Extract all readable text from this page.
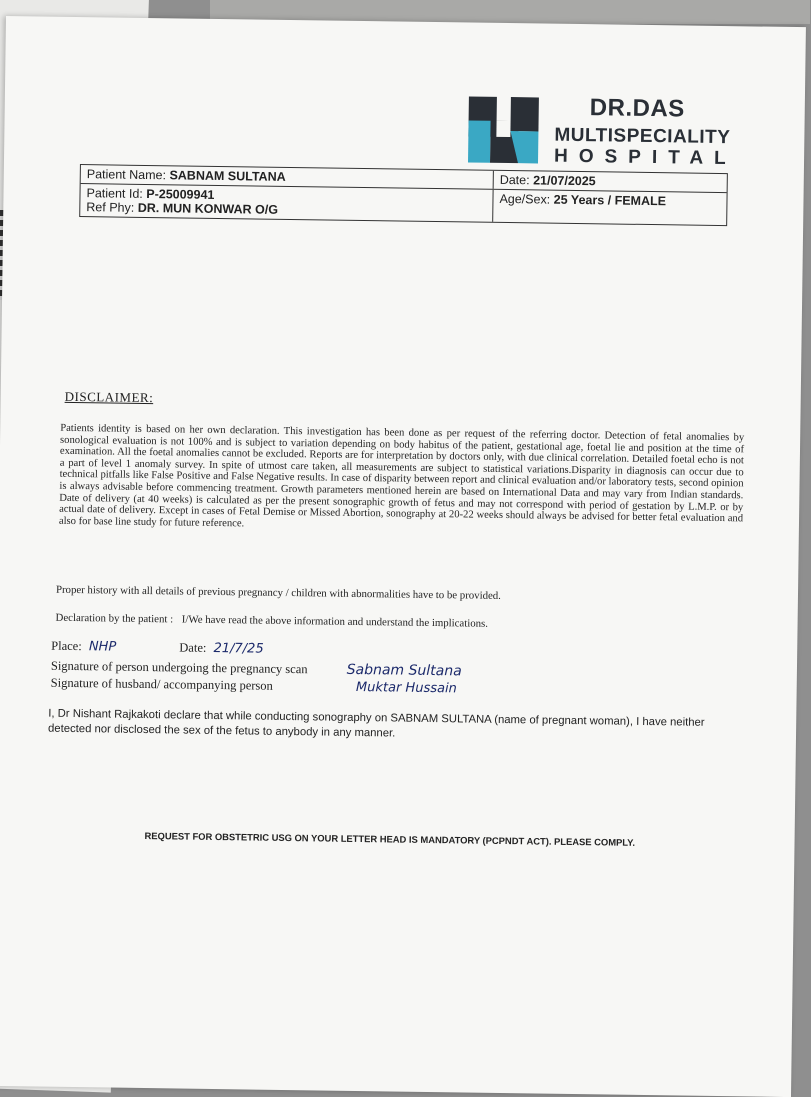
DR.DAS
MULTISPECIALITY
HOSPITAL
Patient Name: SABNAM SULTANA	Date: 21/07/2025
Patient Id: P-25009941
Ref Phy: DR. MUN KONWAR O/G
Age/Sex: 25 Years / FEMALE
DISCLAIMER:
Patients identity is based on her own declaration. This investigation has been done as per request of the referring doctor. Detection of fetal anomalies by sonological evaluation is not 100% and is subject to variation depending on body habitus of the patient, gestational age, foetal lie and position at the time of examination. All the foetal anomalies cannot be excluded. Reports are for interpretation by doctors only, with due clinical correlation. Detailed foetal echo is not a part of level 1 anomaly survey. In spite of utmost care taken, all measurements are subject to statistical variations.Disparity in diagnosis can occur due to technical pitfalls like False Positive and False Negative results. In case of disparity between report and clinical evaluation and/or laboratory tests, second opinion is always advisable before commencing treatment. Growth parameters mentioned herein are based on International Data and may vary from Indian standards. Date of delivery (at 40 weeks) is calculated as per the present sonographic growth of fetus and may not correspond with period of gestation by L.M.P. or by actual date of delivery. Except in cases of Fetal Demise or Missed Abortion, sonography at 20-22 weeks should always be advised for better fetal evaluation and also for base line study for future reference.
Proper history with all details of previous pregnancy / children with abnormalities have to be provided.
Declaration by the patient : I/We have read the above information and understand the implications.
Place: NHP	Date: 21/7/25
Signature of person undergoing the pregnancy scan	Sabnam Sultana
Signature of husband/ accompanying person	Muktar Hussain
I, Dr Nishant Rajkakoti declare that while conducting sonography on SABNAM SULTANA (name of pregnant woman), I have neither detected nor disclosed the sex of the fetus to anybody in any manner.
REQUEST FOR OBSTETRIC USG ON YOUR LETTER HEAD IS MANDATORY (PCPNDT ACT). PLEASE COMPLY.
